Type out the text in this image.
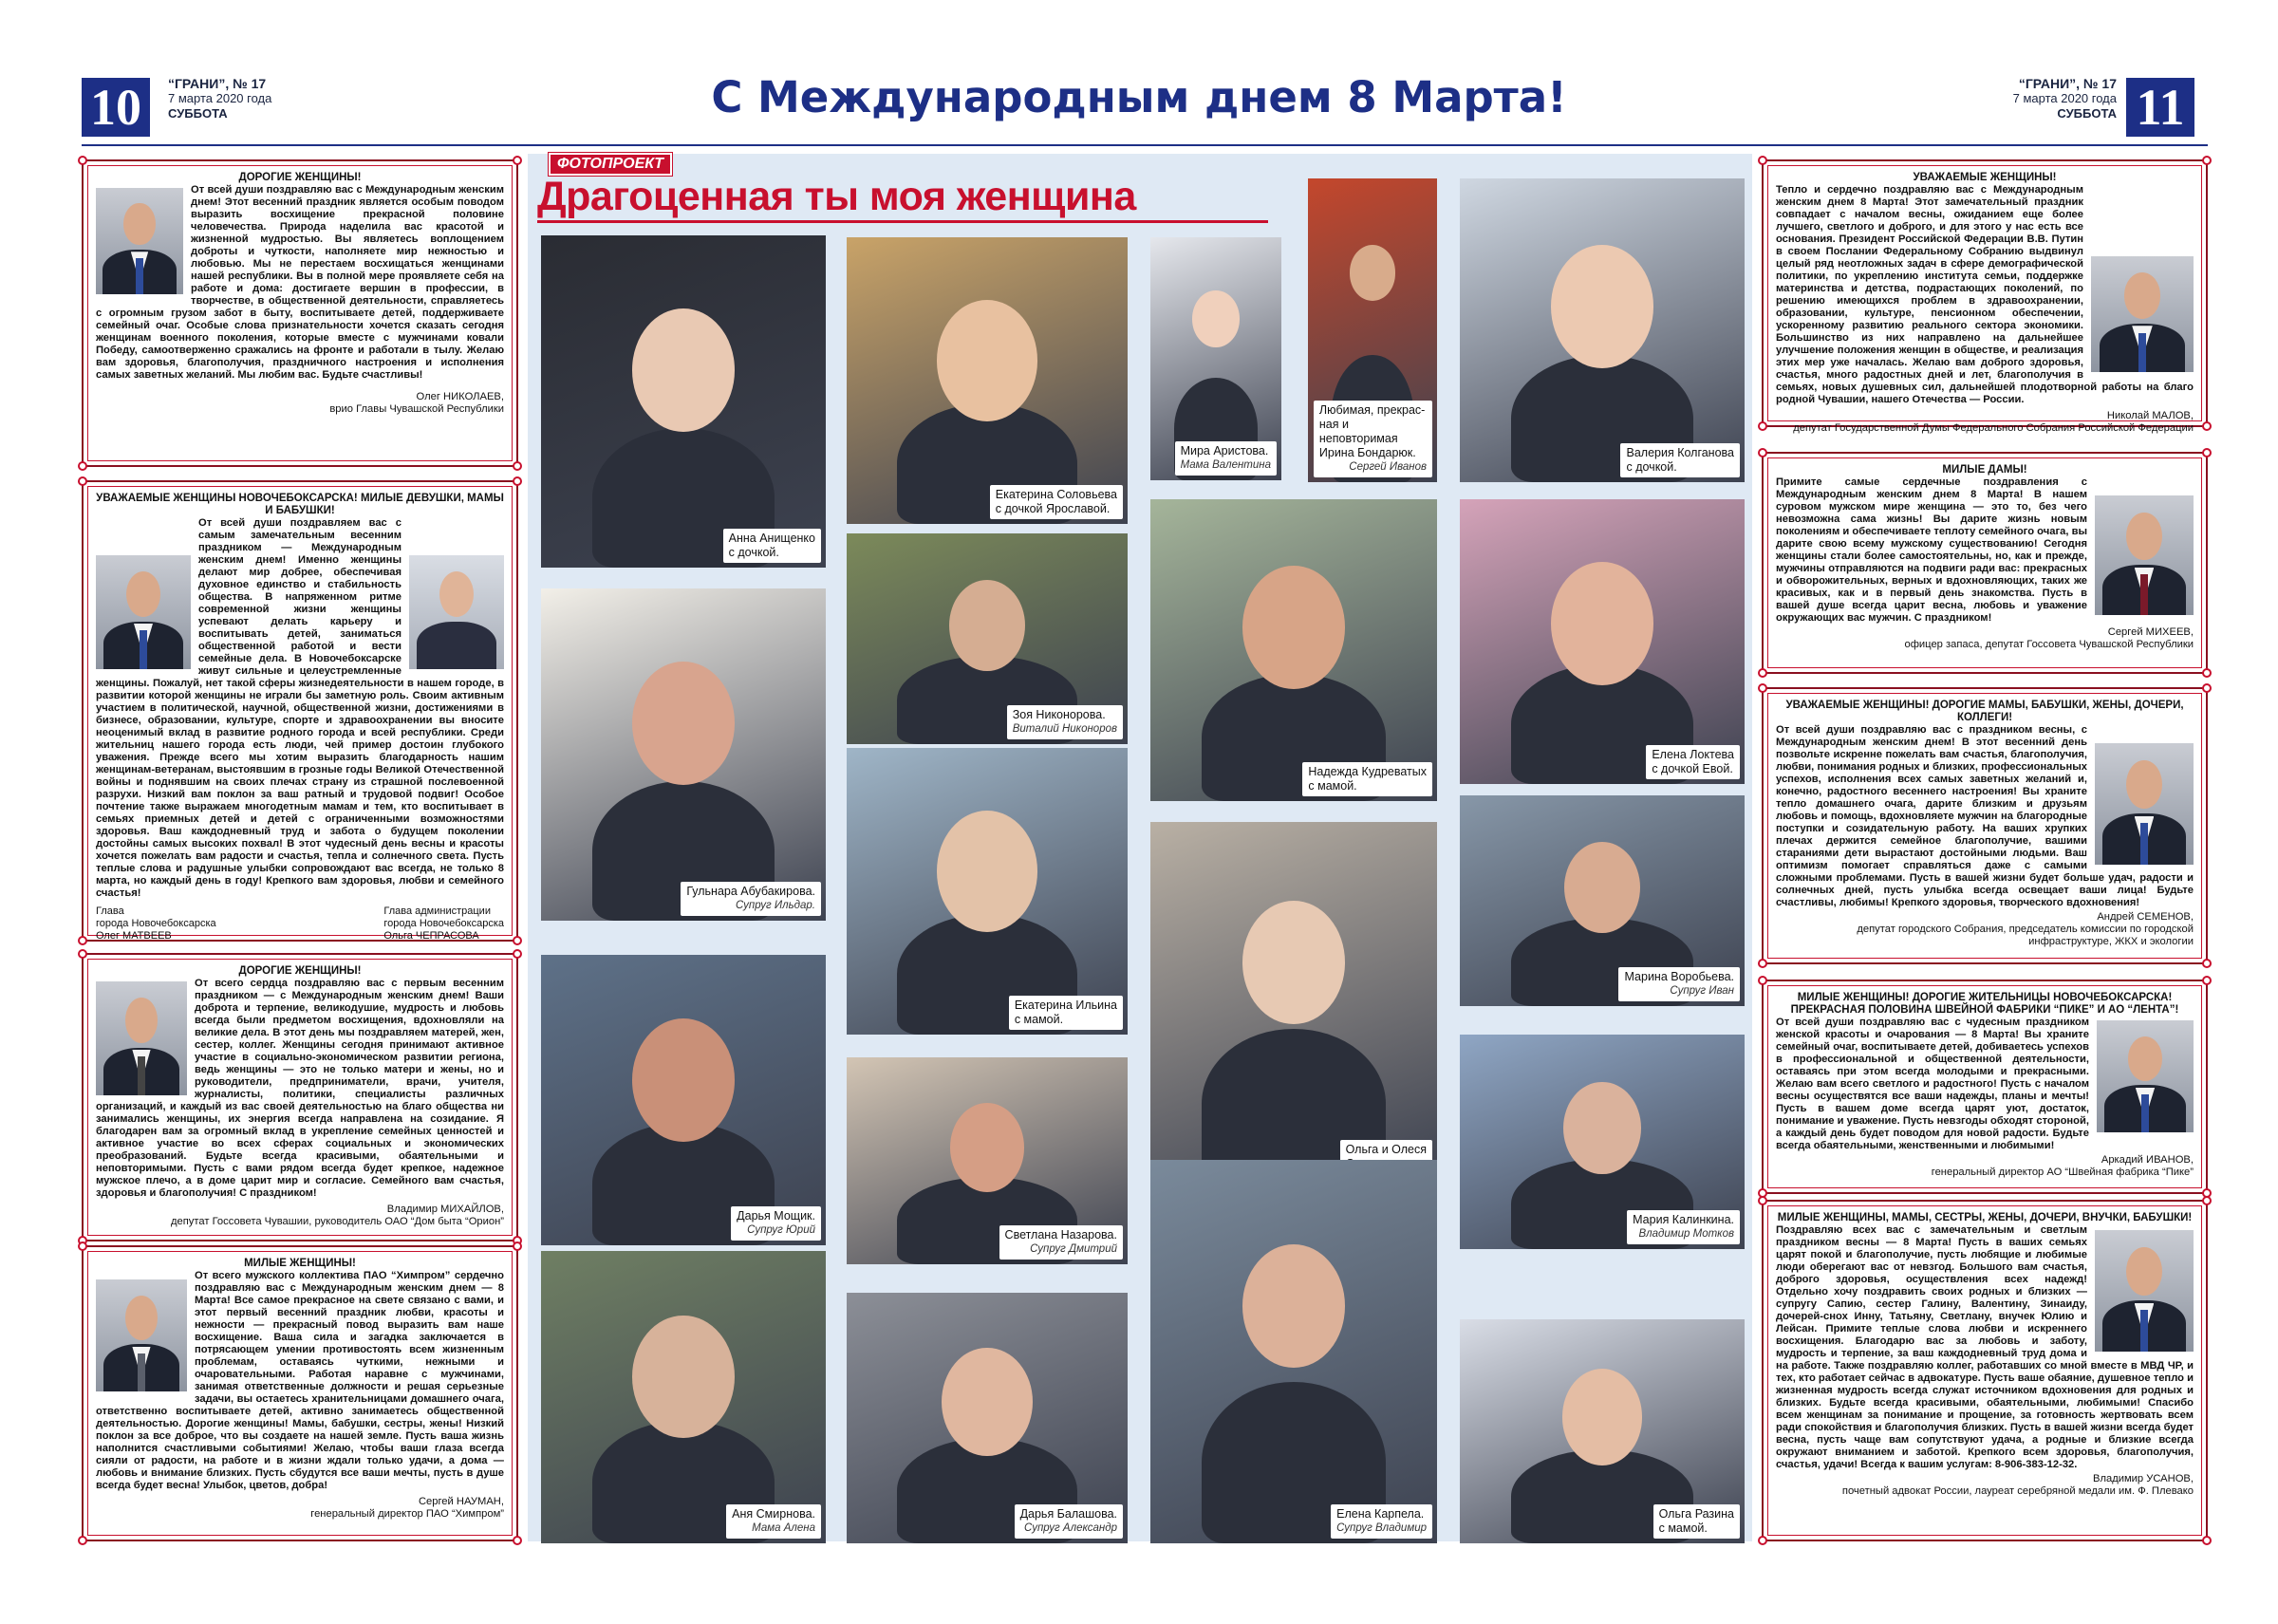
10	“ГРАНИ”, № 17
7 марта 2020 года
СУББОТА	С Международным днем 8 Марта!	“ГРАНИ”, № 17
7 марта 2020 года
СУББОТА 11
ФОТОПРОЕКТ
Драгоценная ты моя женщина
Анна Анищенко
с дочкой.
Гульнара Абубакирова.
Супруг Ильдар.
Дарья Мощик.
Супруг Юрий
Аня Смирнова.
Мама Алена
Екатерина Соловьева
с дочкой Ярославой.
Зоя Никонорова.
Виталий Никоноров
Екатерина Ильина
с мамой.
Светлана Назарова.
Супруг Дмитрий
Дарья Балашова.
Супруг Александр
Мира Аристова.
Мама Валентина
Любимая, прекрас-
ная и неповторимая Ирина Бондарюк.
Сергей Иванов
Надежда Кудреватых
с мамой.
Ольга и Олеся
Елена Карпела.
Супруг Владимир
Валерия Колганова
с дочкой.
Елена Локтева
с дочкой Евой.
Марина Воробьева.
Супруг Иван
Мария Калинкина.
Владимир Мотков
Ольга Разина
с мамой.
ДОРОГИЕ ЖЕНЩИНЫ!
От всей души поздравляю вас с Международным женским днем! Этот весенний праздник является особым поводом выразить восхищение прекрасной половине человечества. Природа наделила вас красотой и жизненной мудростью. Вы являетесь воплощением доброты и чуткости, наполняете мир нежностью и любовью. Мы не перестаем восхищаться женщинами нашей республики. Вы в полной мере проявляете себя на работе и дома: достигаете вершин в профессии, в творчестве, в общественной деятельности, справляетесь с огромным грузом забот в быту, воспитываете детей, поддерживаете семейный очаг. Особые слова признательности хочется сказать сегодня женщинам военного поколения, которые вместе с мужчинами ковали Победу, самоотверженно сражались на фронте и работали в тылу. Желаю вам здоровья, благополучия, праздничного настроения и исполнения самых заветных желаний. Мы любим вас. Будьте счастливы!
Олег НИКОЛАЕВ,
врио Главы Чувашской Республики
УВАЖАЕМЫЕ ЖЕНЩИНЫ НОВОЧЕБОКСАРСКА! МИЛЫЕ ДЕВУШКИ, МАМЫ И БАБУШКИ!
От всей души поздравляем вас с самым замечательным весенним праздником — Международным женским днем! Именно женщины делают мир добрее, обеспечивая духовное единство и стабильность общества. В напряженном ритме современной жизни женщины успевают делать карьеру и воспитывать детей, заниматься общественной работой и вести семейные дела. В Новочебоксарске живут сильные и целеустремленные женщины. Пожалуй, нет такой сферы жизнедеятельности в нашем городе, в развитии которой женщины не играли бы заметную роль. Своим активным участием в политической, научной, общественной жизни, достижениями в бизнесе, образовании, культуре, спорте и здравоохранении вы вносите неоценимый вклад в развитие родного города и всей республики. Среди жительниц нашего города есть люди, чей пример достоин глубокого уважения. Прежде всего мы хотим выразить благодарность нашим женщинам-ветеранам, выстоявшим в грозные годы Великой Отечественной войны и поднявшим на своих плечах страну из страшной послевоенной разрухи. Низкий вам поклон за ваш ратный и трудовой подвиг! Особое почтение также выражаем многодетным мамам и тем, кто воспитывает в семьях приемных детей и детей с ограниченными возможностями здоровья. Ваш каждодневный труд и забота о будущем поколении достойны самых высоких похвал! В этот чудесный день весны и красоты хочется пожелать вам радости и счастья, тепла и солнечного света. Пусть теплые слова и радушные улыбки сопровождают вас всегда, не только 8 марта, но каждый день в году! Крепкого вам здоровья, любви и семейного счастья!
Глава
города Новочебоксарска
Олег МАТВЕЕВ
Глава администрации
города Новочебоксарска
Ольга ЧЕПРАСОВА
ДОРОГИЕ ЖЕНЩИНЫ!
От всего сердца поздравляю вас с первым весенним праздником — с Международным женским днем! Ваши доброта и терпение, великодушие, мудрость и любовь всегда были предметом восхищения, вдохновляли на великие дела. В этот день мы поздравляем матерей, жен, сестер, коллег. Женщины сегодня принимают активное участие в социально-экономическом развитии региона, ведь женщины — это не только матери и жены, но и руководители, предприниматели, врачи, учителя, журналисты, политики, специалисты различных организаций, и каждый из вас своей деятельностью на благо общества ни занимались женщины, их энергия всегда направлена на созидание. Я благодарен вам за огромный вклад в укрепление семейных ценностей и активное участие во всех сферах социальных и экономических преобразований. Будьте всегда красивыми, обаятельными и неповторимыми. Пусть с вами рядом всегда будет крепкое, надежное мужское плечо, а в доме царит мир и согласие. Семейного вам счастья, здоровья и благополучия! С праздником!
Владимир МИХАЙЛОВ,
депутат Госсовета Чувашии, руководитель ОАО “Дом быта “Орион”
МИЛЫЕ ЖЕНЩИНЫ!
От всего мужского коллектива ПАО “Химпром” сердечно поздравляю вас с Международным женским днем — 8 Марта! Все самое прекрасное на свете связано с вами, и этот первый весенний праздник любви, красоты и нежности — прекрасный повод выразить вам наше восхищение. Ваша сила и загадка заключается в потрясающем умении противостоять всем жизненным проблемам, оставаясь чуткими, нежными и очаровательными. Работая наравне с мужчинами, занимая ответственные должности и решая серьезные задачи, вы остаетесь хранительницами домашнего очага, ответственно воспитываете детей, активно занимаетесь общественной деятельностью. Дорогие женщины! Мамы, бабушки, сестры, жены! Низкий поклон за все доброе, что вы создаете на нашей земле. Пусть ваша жизнь наполнится счастливыми событиями! Желаю, чтобы ваши глаза всегда сияли от радости, на работе и в жизни ждали только удачи, а дома — любовь и внимание близких. Пусть сбудутся все ваши мечты, пусть в душе всегда будет весна! Улыбок, цветов, добра!
Сергей НАУМАН,
генеральный директор ПАО “Химпром”
УВАЖАЕМЫЕ ЖЕНЩИНЫ!
Тепло и сердечно поздравляю вас с Международным женским днем 8 Марта! Этот замечательный праздник совпадает с началом весны, ожиданием еще более лучшего, светлого и доброго, и для этого у нас есть все основания. Президент Российской Федерации В.В. Путин в своем Послании Федеральному Собранию выдвинул целый ряд неотложных задач в сфере демографической политики, по укреплению института семьи, поддержке материнства и детства, подрастающих поколений, по решению имеющихся проблем в здравоохранении, образовании, культуре, пенсионном обеспечении, ускоренному развитию реального сектора экономики. Большинство из них направлено на дальнейшее улучшение положения женщин в обществе, и реализация этих мер уже началась. Желаю вам доброго здоровья, счастья, много радостных дней и лет, благополучия в семьях, новых душевных сил, дальнейшей плодотворной работы на благо родной Чувашии, нашего Отечества — России.
Николай МАЛОВ,
депутат Государственной Думы Федерального Собрания Российской Федерации
МИЛЫЕ ДАМЫ!
Примите самые сердечные поздравления с Международным женским днем 8 Марта! В нашем суровом мужском мире женщина — это то, без чего невозможна сама жизнь! Вы дарите жизнь новым поколениям и обеспечиваете теплоту семейного очага, вы дарите свою всему мужскому существованию! Сегодня женщины стали более самостоятельны, но, как и прежде, мужчины отправляются на подвиги ради вас: прекрасных и обворожительных, верных и вдохновляющих, таких же красивых, как и в первый день знакомства. Пусть в вашей душе всегда царит весна, любовь и уважение окружающих вас мужчин. С праздником!
Сергей МИХЕЕВ,
офицер запаса, депутат Госсовета Чувашской Республики
УВАЖАЕМЫЕ ЖЕНЩИНЫ! ДОРОГИЕ МАМЫ, БАБУШКИ, ЖЕНЫ, ДОЧЕРИ, КОЛЛЕГИ!
От всей души поздравляю вас с праздником весны, с Международным женским днем! В этот весенний день позвольте искренне пожелать вам счастья, благополучия, любви, понимания родных и близких, профессиональных успехов, исполнения всех самых заветных желаний и, конечно, радостного весеннего настроения! Вы храните тепло домашнего очага, дарите близким и друзьям любовь и помощь, вдохновляете мужчин на благородные поступки и созидательную работу. На ваших хрупких плечах держится семейное благополучие, вашими стараниями дети вырастают достойными людьми. Ваш оптимизм помогает справляться даже с самыми сложными проблемами. Пусть в вашей жизни будет больше удач, радости и солнечных дней, пусть улыбка всегда освещает ваши лица! Будьте счастливы, любимы! Крепкого здоровья, творческого вдохновения!
Андрей СЕМЕНОВ,
депутат городского Собрания, председатель комиссии по городской инфраструктуре, ЖКХ и экологии
МИЛЫЕ ЖЕНЩИНЫ! ДОРОГИЕ ЖИТЕЛЬНИЦЫ НОВОЧЕБОКСАРСКА! ПРЕКРАСНАЯ ПОЛОВИНА ШВЕЙНОЙ ФАБРИКИ “ПИКЕ” И АО “ЛЕНТА”!
От всей души поздравляю вас с чудесным праздником женской красоты и очарования — 8 Марта! Вы храните семейный очаг, воспитываете детей, добиваетесь успехов в профессиональной и общественной деятельности, оставаясь при этом всегда молодыми и прекрасными. Желаю вам всего светлого и радостного! Пусть с началом весны осуществятся все ваши надежды, планы и мечты! Пусть в вашем доме всегда царят уют, достаток, понимание и уважение. Пусть невзгоды обходят стороной, а каждый день будет поводом для новой радости. Будьте всегда обаятельными, женственными и любимыми!
Аркадий ИВАНОВ,
генеральный директор АО “Швейная фабрика “Пике”
МИЛЫЕ ЖЕНЩИНЫ, МАМЫ, СЕСТРЫ, ЖЕНЫ, ДОЧЕРИ, ВНУЧКИ, БАБУШКИ!
Поздравляю всех вас с замечательным и светлым праздником весны — 8 Марта! Пусть в ваших семьях царят покой и благополучие, пусть любящие и любимые люди оберегают вас от невзгод. Большого вам счастья, доброго здоровья, осуществления всех надежд! Отдельно хочу поздравить своих родных и близких — супругу Сапию, сестер Галину, Валентину, Зинаиду, дочерей-снох Инну, Татьяну, Светлану, внучек Юлию и Лейсан. Примите теплые слова любви и искреннего восхищения. Благодарю вас за любовь и заботу, мудрость и терпение, за ваш каждодневный труд дома и на работе. Также поздравляю коллег, работавших со мной вместе в МВД ЧР, и тех, кто работает сейчас в адвокатуре. Пусть ваше обаяние, душевное тепло и жизненная мудрость всегда служат источником вдохновения для родных и близких. Будьте всегда красивыми, обаятельными, любимыми! Спасибо всем женщинам за понимание и прощение, за готовность жертвовать всем ради спокойствия и благополучия близких. Пусть в вашей жизни всегда будет весна, пусть чаще вам сопутствуют удача, а родные и близкие всегда окружают вниманием и заботой. Крепкого всем здоровья, благополучия, счастья, удачи! Всегда к вашим услугам: 8-906-383-12-32.
Владимир УСАНОВ,
почетный адвокат России, лауреат серебряной медали им. Ф. Плевако
